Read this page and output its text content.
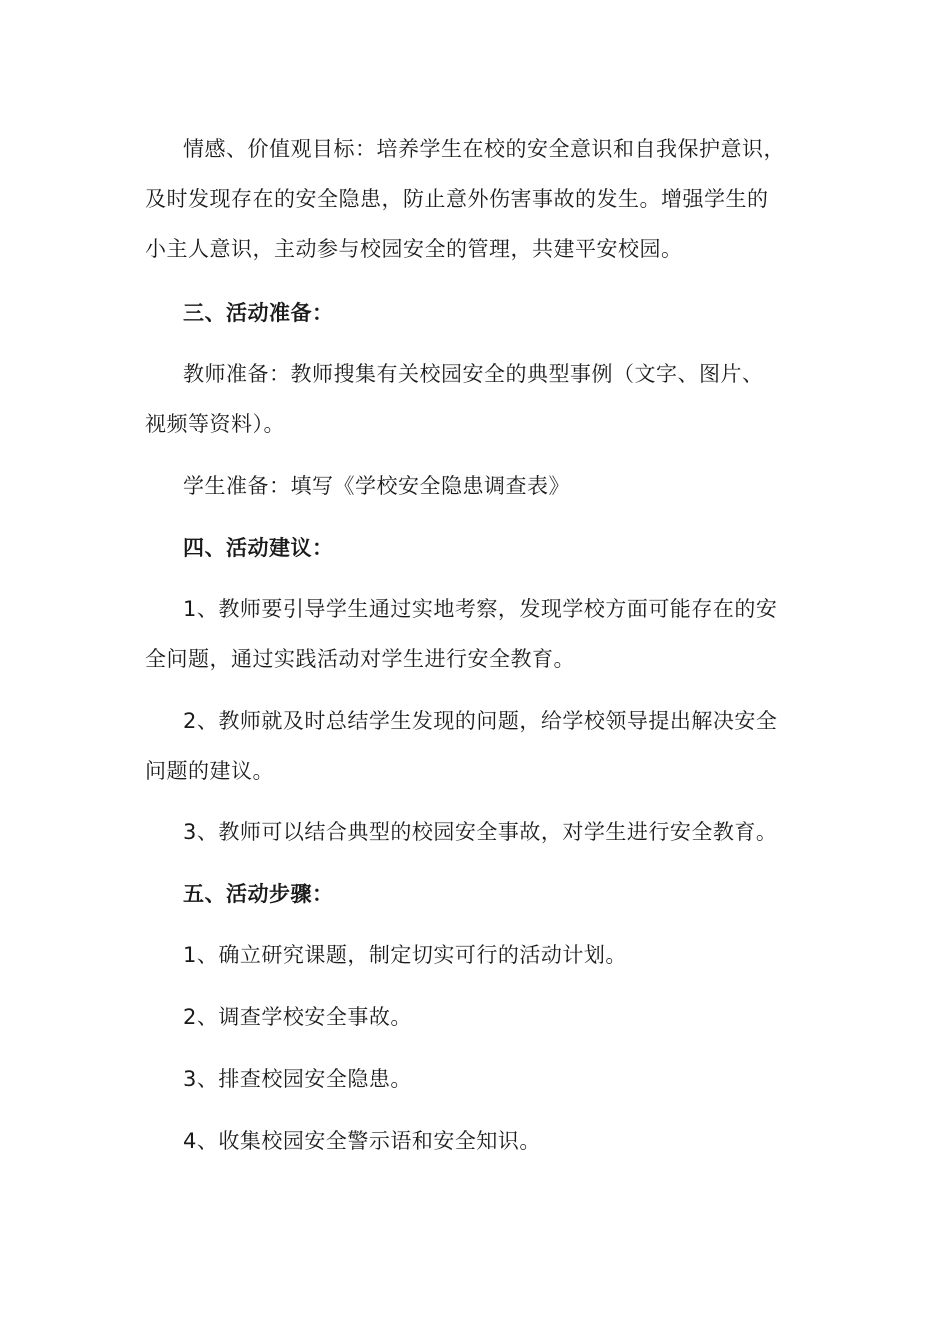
情感、价值观目标：培养学生在校的安全意识和自我保护意识，
及时发现存在的安全隐患，防止意外伤害事故的发生。增强学生的
小主人意识，主动参与校园安全的管理，共建平安校园。
三、活动准备：
教师准备：教师搜集有关校园安全的典型事例（文字、图片、
视频等资料）。
学生准备：填写《学校安全隐患调查表》
四、活动建议：
1、教师要引导学生通过实地考察，发现学校方面可能存在的安
全问题，通过实践活动对学生进行安全教育。
2、教师就及时总结学生发现的问题，给学校领导提出解决安全
问题的建议。
3、教师可以结合典型的校园安全事故，对学生进行安全教育。
五、活动步骤：
1、确立研究课题，制定切实可行的活动计划。
2、调查学校安全事故。
3、排查校园安全隐患。
4、收集校园安全警示语和安全知识。
